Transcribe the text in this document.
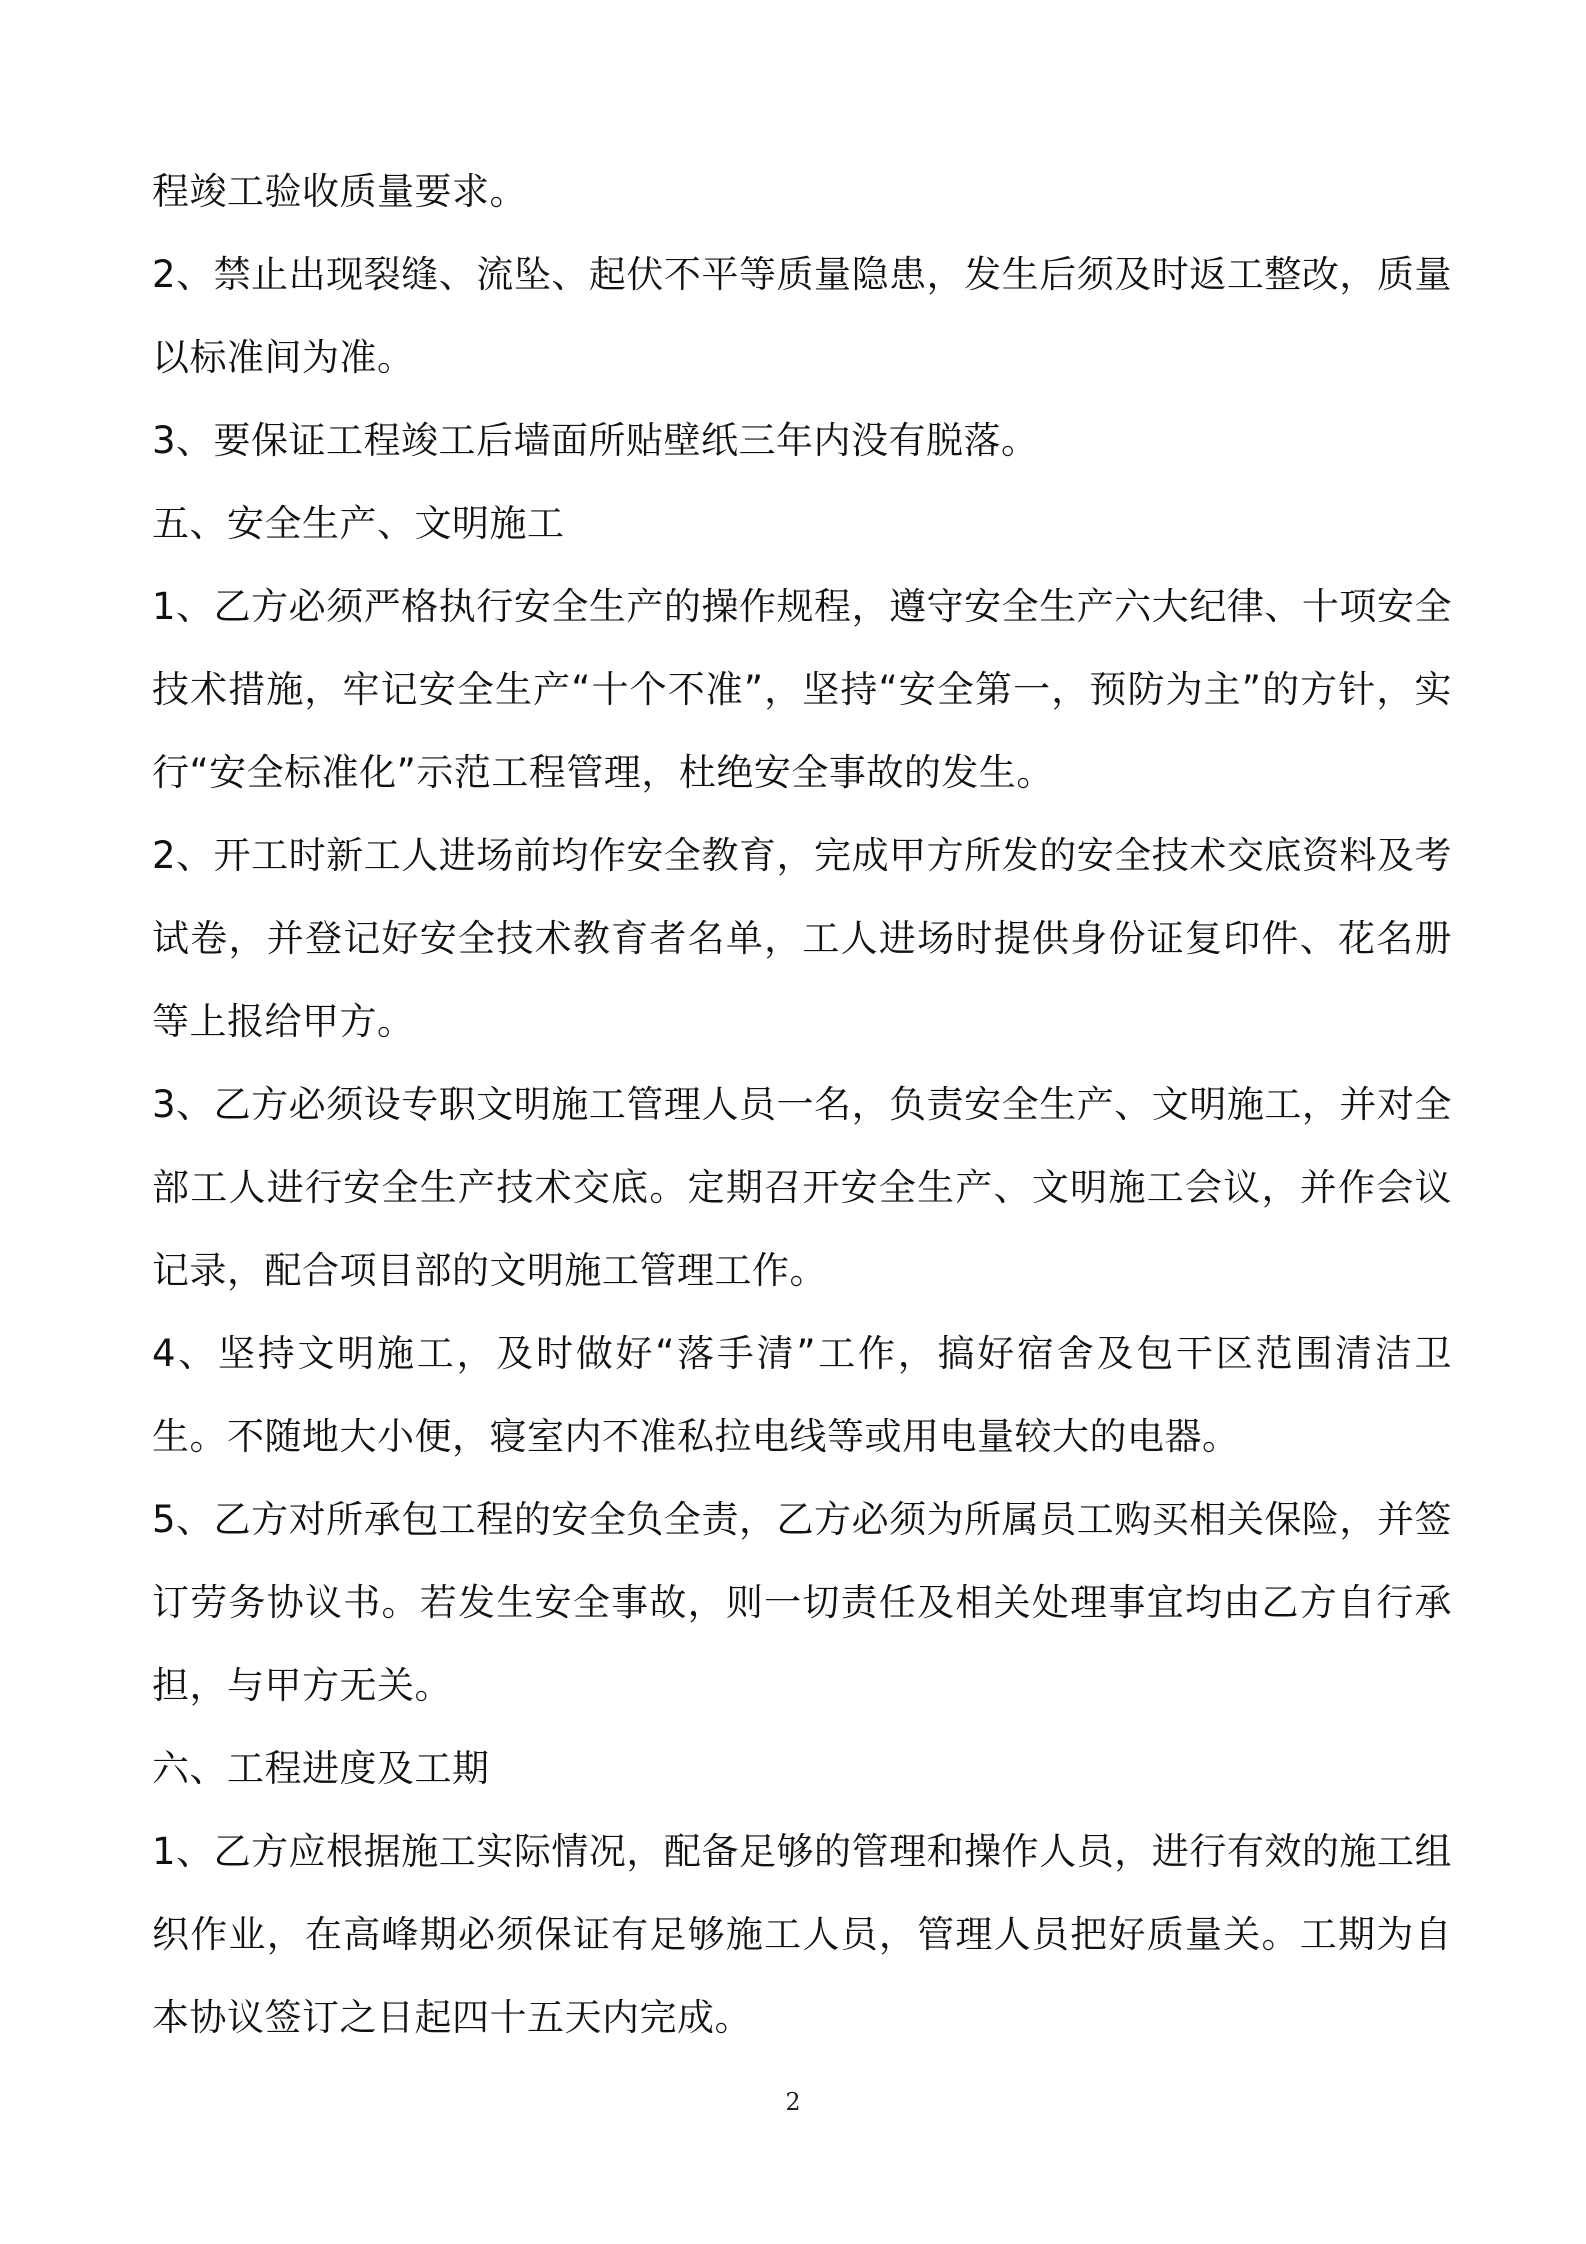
程竣工验收质量要求。

2、禁止出现裂缝、流坠、起伏不平等质量隐患，发生后须及时返工整改，质量以标准间为准。

3、要保证工程竣工后墙面所贴壁纸三年内没有脱落。

五、安全生产、文明施工

1、乙方必须严格执行安全生产的操作规程，遵守安全生产六大纪律、十项安全技术措施，牢记安全生产“十个不准”，坚持“安全第一，预防为主”的方针，实行“安全标准化”示范工程管理，杜绝安全事故的发生。

2、开工时新工人进场前均作安全教育，完成甲方所发的安全技术交底资料及考试卷，并登记好安全技术教育者名单，工人进场时提供身份证复印件、花名册等上报给甲方。

3、乙方必须设专职文明施工管理人员一名，负责安全生产、文明施工，并对全部工人进行安全生产技术交底。定期召开安全生产、文明施工会议，并作会议记录，配合项目部的文明施工管理工作。

4、坚持文明施工，及时做好“落手清”工作，搞好宿舍及包干区范围清洁卫生。不随地大小便，寝室内不准私拉电线等或用电量较大的电器。

5、乙方对所承包工程的安全负全责，乙方必须为所属员工购买相关保险，并签订劳务协议书。若发生安全事故，则一切责任及相关处理事宜均由乙方自行承担，与甲方无关。

六、工程进度及工期

1、乙方应根据施工实际情况，配备足够的管理和操作人员，进行有效的施工组织作业，在高峰期必须保证有足够施工人员，管理人员把好质量关。工期为自本协议签订之日起四十五天内完成。

2
